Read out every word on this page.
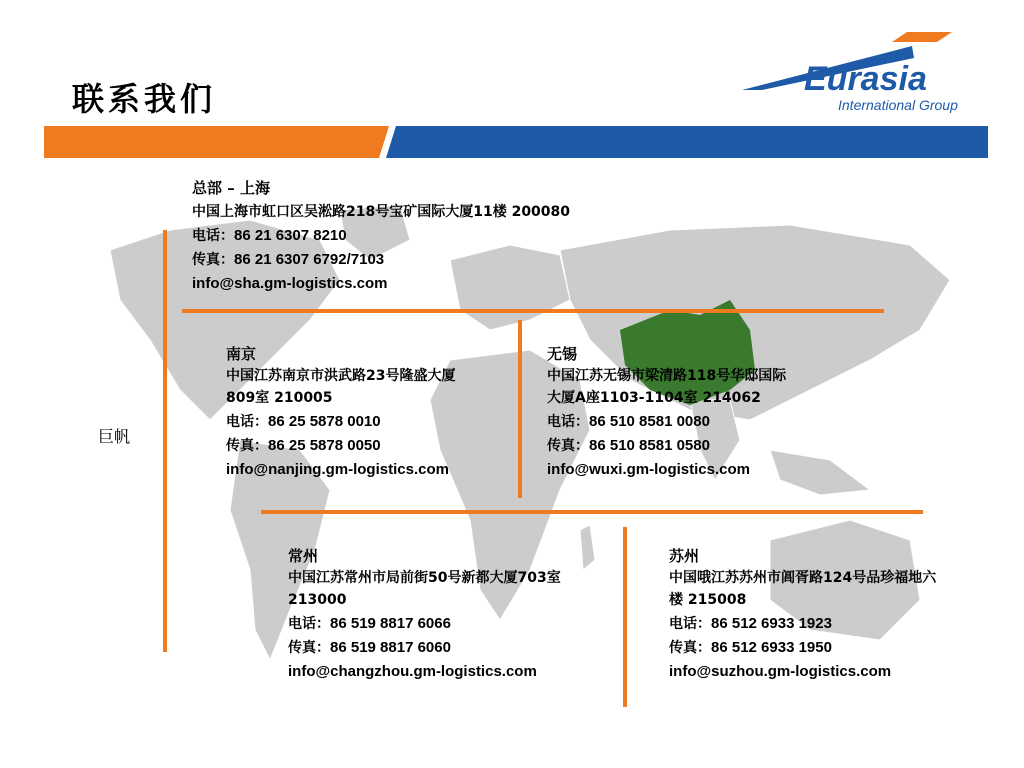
联系我们
Eurasia
International Group
巨帆
总部 – 上海
中国上海市虹口区吴淞路218号宝矿国际大厦11楼 200080
电话：86 21 6307 8210
传真：86 21 6307 6792/7103
info@sha.gm-logistics.com
南京
中国江苏南京市洪武路23号隆盛大厦
809室 210005
电话：86 25 5878 0010
传真：86 25 5878 0050
info@nanjing.gm-logistics.com
无锡
中国江苏无锡市梁清路118号华邸国际
大厦A座1103-1104室 214062
电话：86 510 8581 0080
传真：86 510 8581 0580
info@wuxi.gm-logistics.com
常州
中国江苏常州市局前街50号新都大厦703室
213000
电话：86 519 8817 6066
传真：86 519 8817 6060
info@changzhou.gm-logistics.com
苏州
中国哦江苏苏州市阊胥路124号品珍福地六
楼 215008
电话：86 512 6933 1923
传真：86 512 6933 1950
info@suzhou.gm-logistics.com
